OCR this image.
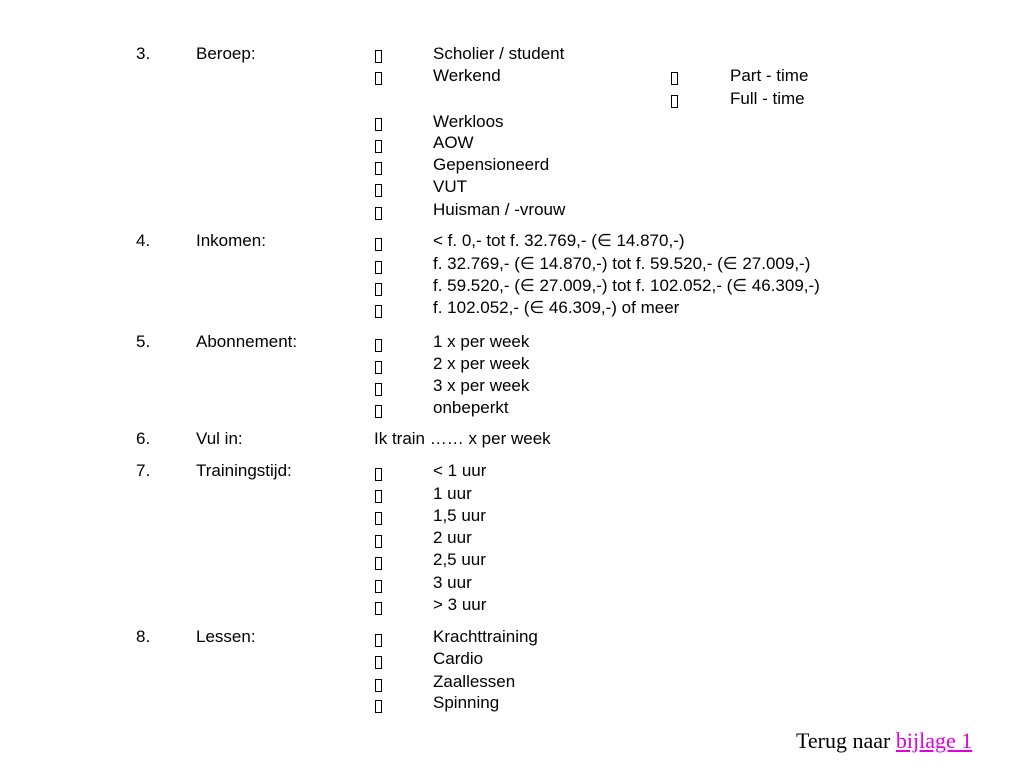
3.	Beroep:	Scholier / student
Werkend	Part - time
Full - time
Werkloos
AOW
Gepensioneerd
VUT
Huisman / -vrouw
4.	Inkomen:	< f. 0,- tot f. 32.769,- (∈ 14.870,-)
f. 32.769,- (∈ 14.870,-) tot f. 59.520,- (∈ 27.009,-)
f. 59.520,- (∈ 27.009,-) tot f. 102.052,- (∈ 46.309,-)
f. 102.052,- (∈ 46.309,-) of meer
5.	Abonnement:	1 x per week
2 x per week
3 x per week
onbeperkt
6.	Vul in:	Ik train …… x per week
7.	Trainingstijd:	< 1 uur
1 uur
1,5 uur
2 uur
2,5 uur
3 uur
> 3 uur
8.	Lessen:	Krachttraining
Cardio
Zaallessen
Spinning
Terug naar bijlage 1
